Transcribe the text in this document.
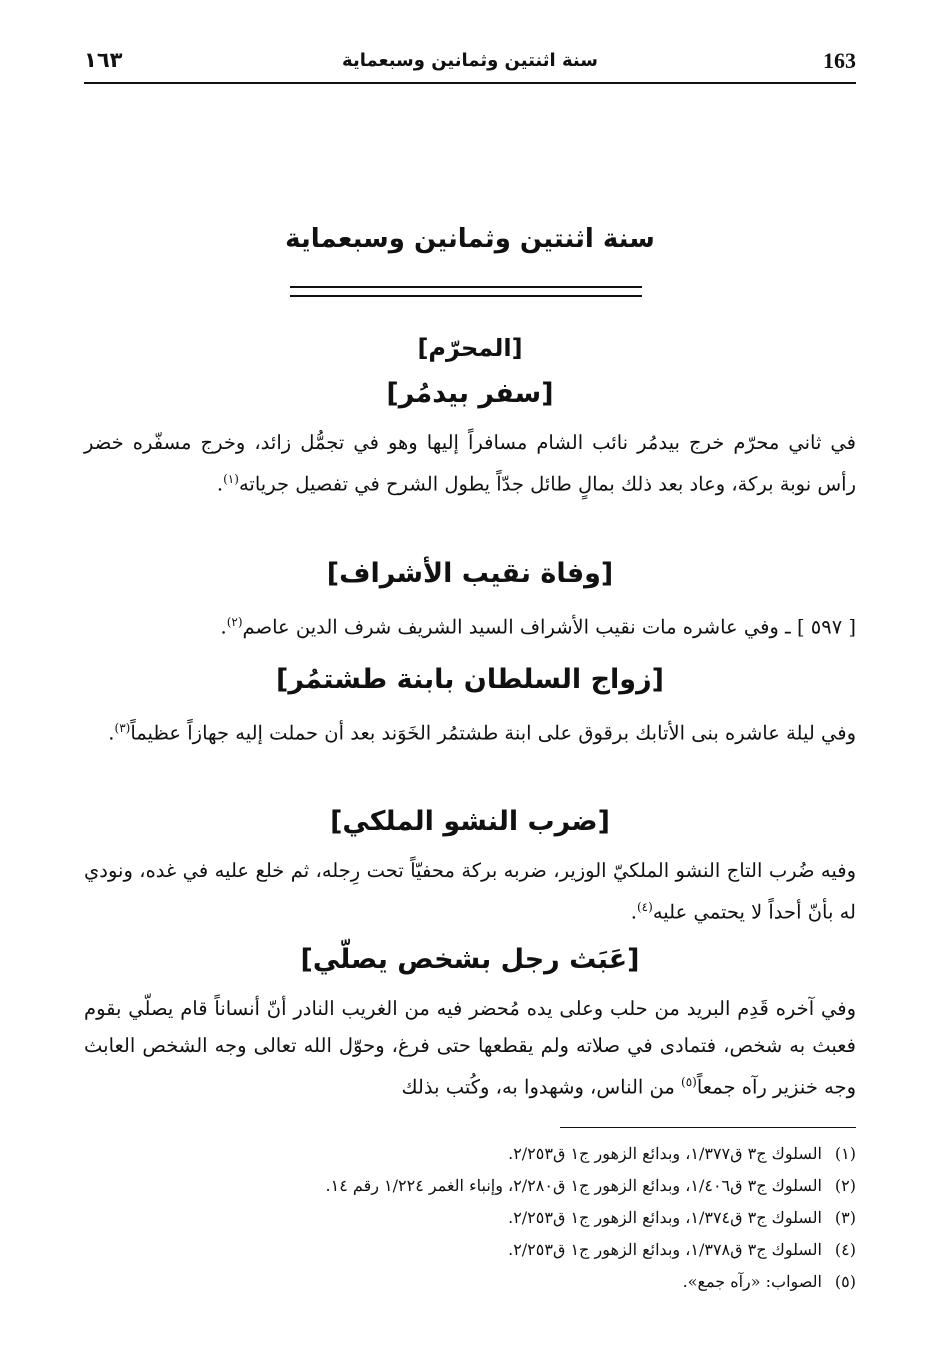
163
سنة اثنتين وثمانين وسبعماية
١٦٣
سنة اثنتين وثمانين وسبعماية
[المحرّم]
[سفر بيدمُر]

في ثاني محرّم خرج بيدمُر نائب الشام مسافراً إليها وهو في تجمُّل زائد، وخرج مسفّره خضر رأس نوبة بركة، وعاد بعد ذلك بمالٍ طائل جدّاً يطول الشرح في تفصيل جرياته$^{(١)}$.

[وفاة نقيب الأشراف]

[ ٥٩٧ ] ـ وفي عاشره مات نقيب الأشراف السيد الشريف شرف الدين عاصم$^{(٢)}$.

[زواج السلطان بابنة طشتمُر]

وفي ليلة عاشره بنى الأتابك برقوق على ابنة طشتمُر الخَوَند بعد أن حملت إليه جهازاً عظيماً$^{(٣)}$.

[ضرب النشو الملكي]

وفيه ضُرب التاج النشو الملكيّ الوزير، ضربه بركة محفيّاً تحت رِجله، ثم خلع عليه في غده، ونودي له بأنّ أحداً لا يحتمي عليه$^{(٤)}$.

[عَبَث رجل بشخص يصلّي]

وفي آخره قَدِم البريد من حلب وعلى يده مُحضر فيه من الغريب النادر أنّ أنساناً قام يصلّي بقوم فعبث به شخص، فتمادى في صلاته ولم يقطعها حتى فرغ، وحوّل الله تعالى وجه الشخص العابث وجه خنزير رآه جمعاً$^{(٥)}$ من الناس، وشهدوا به، وكُتب بذلك

(١)السلوك ج٣ ق١/٣٧٧، وبدائع الزهور ج١ ق٢/٢٥٣.
(٢)السلوك ج٣ ق١/٤٠٦، وبدائع الزهور ج١ ق٢/٢٨٠، وإنباء الغمر ١/٢٢٤ رقم ١٤.
(٣)السلوك ج٣ ق١/٣٧٤، وبدائع الزهور ج١ ق٢/٢٥٣.
(٤)السلوك ج٣ ق١/٣٧٨، وبدائع الزهور ج١ ق٢/٢٥٣.
(٥)الصواب: «رآه جمع».
